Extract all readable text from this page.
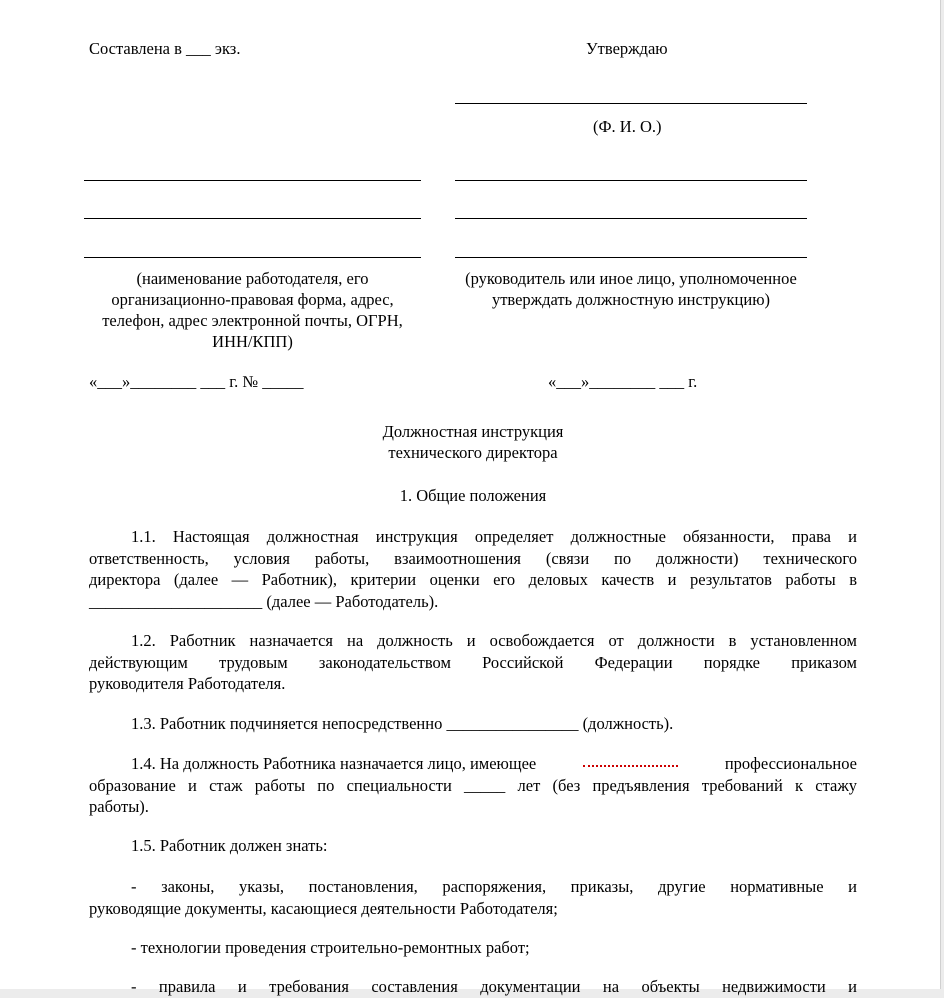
Составлена в ___ экз.	Утверждаю

(Ф. И. О.)

(наименование работодателя, его организационно-правовая форма, адрес, телефон, адрес электронной почты, ОГРН, ИНН/КПП)

(руководитель или иное лицо, уполномоченное утверждать должностную инструкцию)

«___»________ ___ г. № _____	«___»________ ___ г.

Должностная инструкция

технического директора

1. Общие положения

1.1. Настоящая должностная инструкция определяет должностные обязанности, права и
ответственность, условия работы, взаимоотношения (связи по должности) технического
директора (далее — Работник), критерии оценки его деловых качеств и результатов работы в
_____________________ (далее — Работодатель).
1.2. Работник назначается на должность и освобождается от должности в установленном
действующим трудовым законодательством Российской Федерации порядке приказом
руководителя Работодателя.
1.3. Работник подчиняется непосредственно ________________ (должность).
1.4. На должность Работника назначается лицо, имеющее	профессиональное
образование и стаж работы по специальности _____ лет (без предъявления требований к стажу
работы).
1.5. Работник должен знать:
- законы, указы, постановления, распоряжения, приказы, другие нормативные и
руководящие документы, касающиеся деятельности Работодателя;
- технологии проведения строительно-ремонтных работ;
- правила и требования составления документации на объекты недвижимости и
